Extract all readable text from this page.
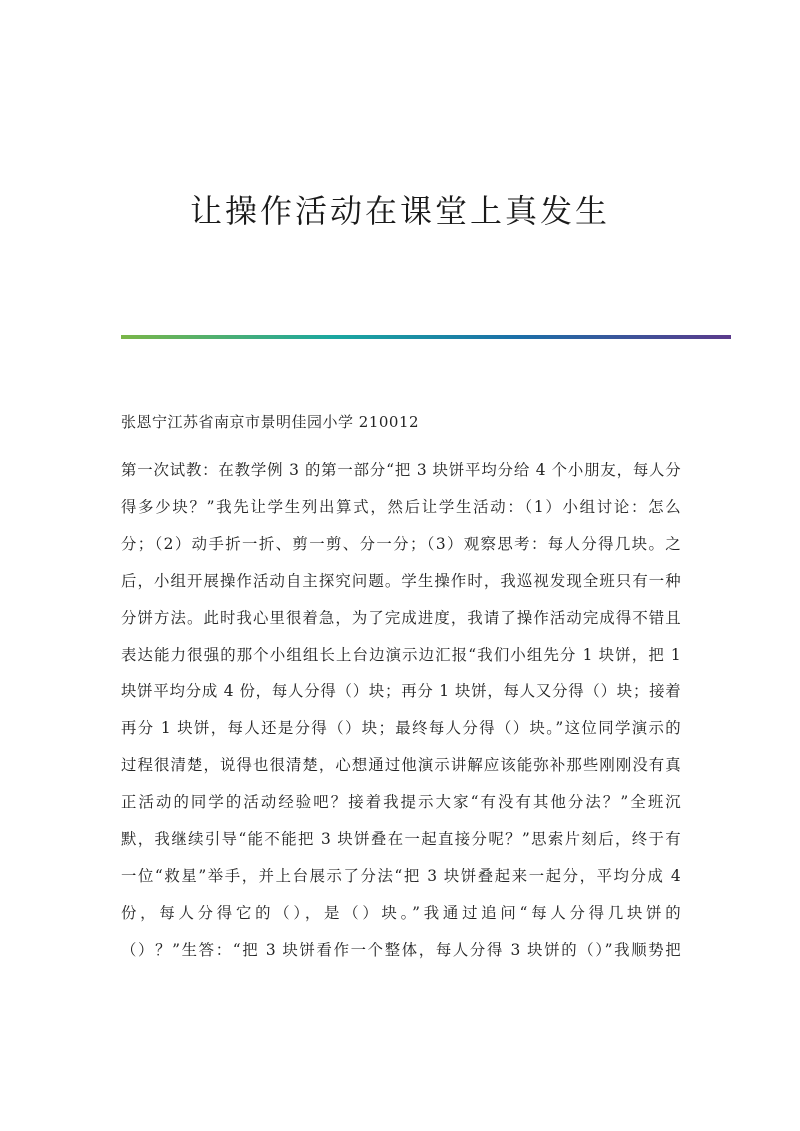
让操作活动在课堂上真发生
张恩宁江苏省南京市景明佳园小学 210012
第一次试教：在教学例 3 的第一部分“把 3 块饼平均分给 4 个小朋友，每人分
得多少块？”我先让学生列出算式，然后让学生活动：（1）小组讨论：怎么
分；（2）动手折一折、剪一剪、分一分；（3）观察思考：每人分得几块。之
后，小组开展操作活动自主探究问题。学生操作时，我巡视发现全班只有一种
分饼方法。此时我心里很着急，为了完成进度，我请了操作活动完成得不错且
表达能力很强的那个小组组长上台边演示边汇报“我们小组先分 1 块饼，把 1
块饼平均分成 4 份，每人分得（）块；再分 1 块饼，每人又分得（）块；接着
再分 1 块饼，每人还是分得（）块；最终每人分得（）块。”这位同学演示的
过程很清楚，说得也很清楚，心想通过他演示讲解应该能弥补那些刚刚没有真
正活动的同学的活动经验吧？接着我提示大家“有没有其他分法？”全班沉
默，我继续引导“能不能把 3 块饼叠在一起直接分呢？”思索片刻后，终于有
一位“救星”举手，并上台展示了分法“把 3 块饼叠起来一起分，平均分成 4
份，每人分得它的（），是（）块。”我通过追问“每人分得几块饼的
（）？”生答：“把 3 块饼看作一个整体，每人分得 3 块饼的（）”我顺势把
